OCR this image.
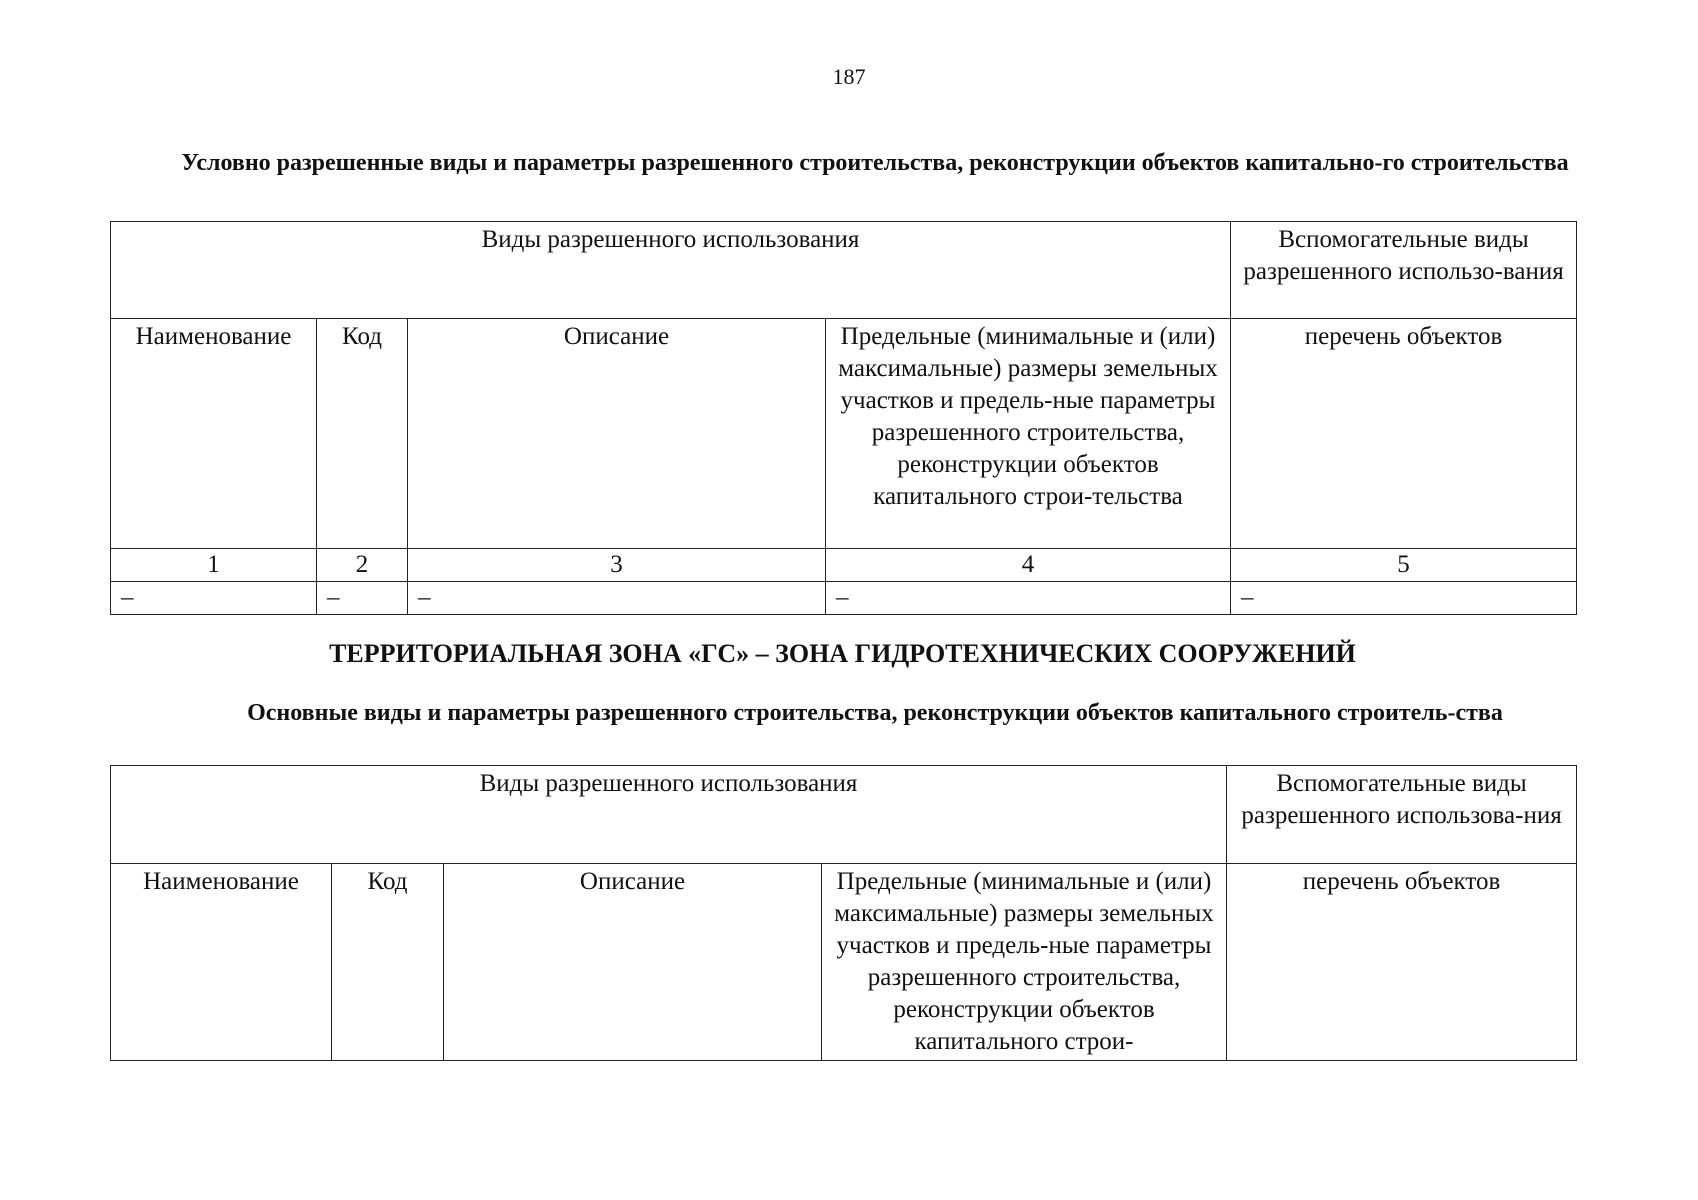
187
Условно разрешенные виды и параметры разрешенного строительства, реконструкции объектов капитально-го строительства
Виды разрешенного использования				Вспомогательные виды разрешенного использо-вания
Наименование	Код	Описание	Предельные (минимальные и (или) максимальные) размеры земельных участков и предель-ные параметры разрешенного строительства, реконструкции объектов капитального строи-тельства	перечень объектов
1	2	3	4	5
–	–	–	–	–
ТЕРРИТОРИАЛЬНАЯ ЗОНА «ГС» – ЗОНА ГИДРОТЕХНИЧЕСКИХ СООРУЖЕНИЙ
Основные виды и параметры разрешенного строительства, реконструкции объектов капитального строитель-ства
Виды разрешенного использования				Вспомогательные виды разрешенного использова-ния
Наименование	Код	Описание	Предельные (минимальные и (или) максимальные) размеры земельных участков и предель-ные параметры разрешенного строительства, реконструкции объектов капитального строи-	перечень объектов
